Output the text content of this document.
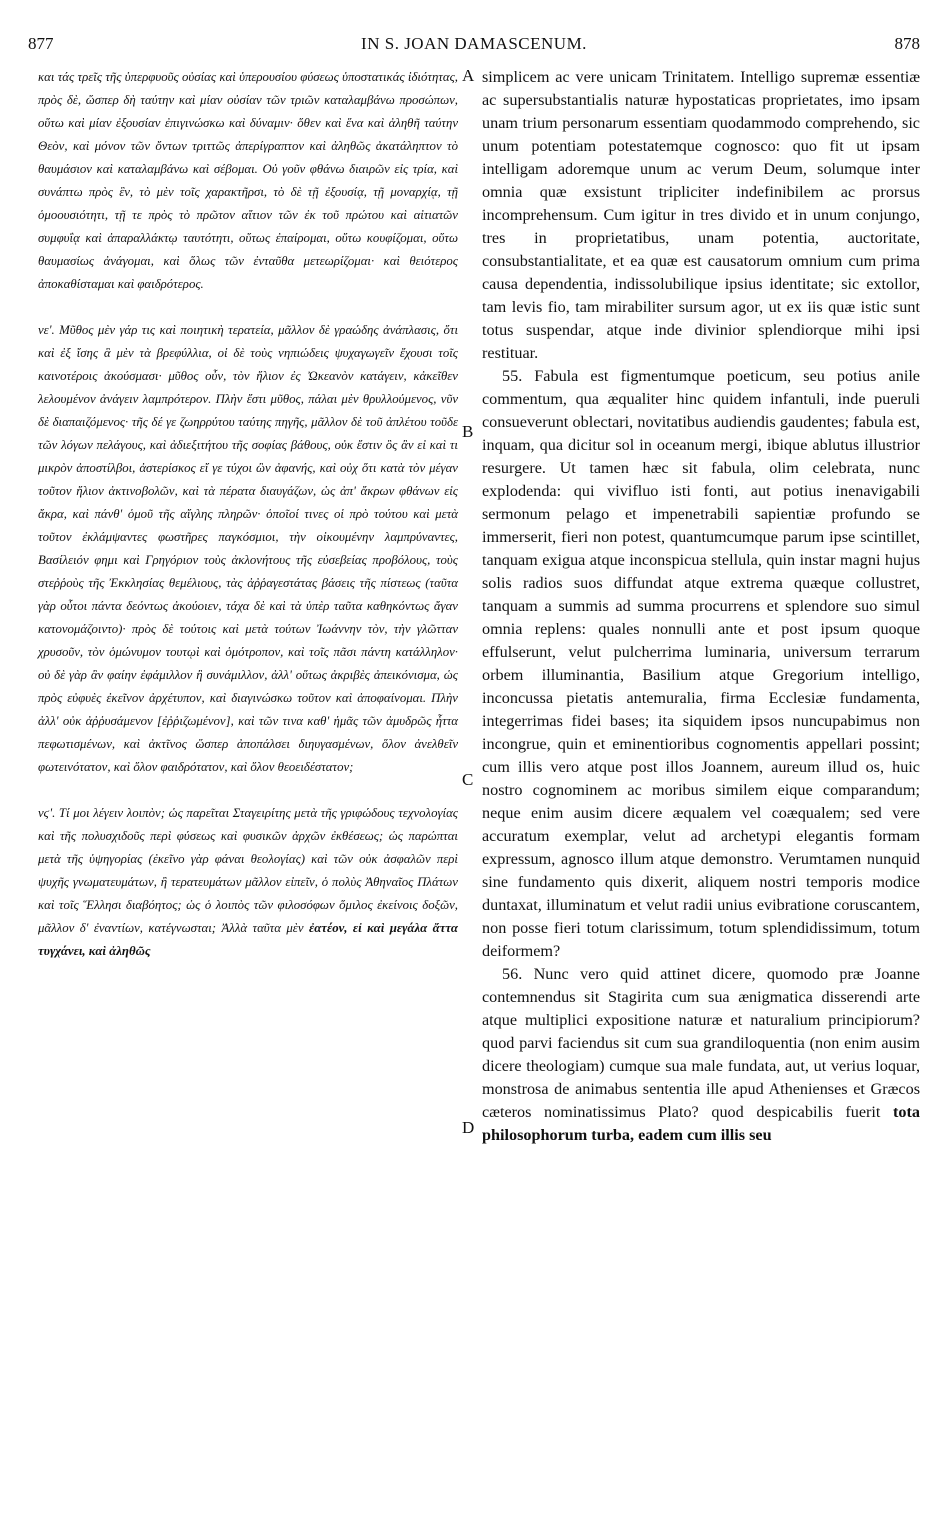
877	IN S. JOAN DAMASCENUM.	878

και τάς τρεῖς τῆς ὑπερφυοῦς οὐσίας καὶ ὑπερουσίου φύσεως ὑποστατικάς ἰδιότητας, πρὸς δὲ, ὥσπερ δὴ ταύτην καὶ μίαν οὐσίαν τῶν τριῶν καταλαμβάνω προσώπων, οὕτω καὶ μίαν ἐξουσίαν ἐπιγινώσκω καὶ δύναμιν· ὅθεν καὶ ἕνα καὶ ἀληθῆ ταύτην Θεὸν, καὶ μόνον τῶν ὄντων τριττῶς ἀπερίγραπτον καὶ ἀληθῶς ἀκατάληπτον τὸ θαυμάσιον καὶ καταλαμβάνω καὶ σέβομαι. Οὐ γοῦν φθάνω διαιρῶν εἰς τρία, καὶ συνάπτω πρὸς ἓν, τὸ μὲν τοῖς χαρακτῆρσι, τὸ δὲ τῇ ἐξουσίᾳ, τῇ μοναρχίᾳ, τῇ ὁμοουσιότητι, τῇ τε πρὸς τὸ πρῶτον αἴτιον τῶν ἐκ τοῦ πρώτου καὶ αἰτιατῶν συμφυΐᾳ καὶ ἀπαραλλάκτῳ ταυτότητι, οὕτως ἐπαίρομαι, οὕτω κουφίζομαι, οὕτω θαυμασίως ἀνάγομαι, καὶ ὅλως τῶν ἐνταῦθα μετεωρίζομαι· καὶ θειότερος ἀποκαθίσταμαι καὶ φαιδρότερος.

νε'. Μῦθος μὲν γάρ τις καὶ ποιητικὴ τερατεία, μᾶλλον δὲ γραώδης ἀνάπλασις, ὅτι καὶ ἐξ ἴσης ἃ μὲν τὰ βρεφύλλια, οἱ δὲ τοὺς νηπιώδεις ψυχαγωγεῖν ἔχουσι τοῖς καινοτέροις ἀκούσμασι· μῦθος οὖν, τὸν ἥλιον ἐς Ὠκεανὸν κατάγειν, κἀκεῖθεν λελουμένον ἀνάγειν λαμπρότερον. Πλὴν ἔστι μῦθος, πάλαι μὲν θρυλλούμενος, νῦν δὲ διαπαιζόμενος· τῆς δέ γε ζωηρρύτου ταύτης πηγῆς, μᾶλλον δὲ τοῦ ἀπλέτου τοῦδε τῶν λόγων πελάγους, καὶ ἀδιεξιτήτου τῆς σοφίας βάθους, οὐκ ἔστιν ὃς ἂν εἰ καὶ τι μικρὸν ἀποστίλβοι, ἀστερίσκος εἴ γε τύχοι ὢν ἀφανής, καὶ οὐχ ὅτι κατὰ τὸν μέγαν τοῦτον ἥλιον ἀκτινοβολῶν, καὶ τὰ πέρατα διαυγάζων, ὡς ἀπ' ἄκρων φθάνων εἰς ἄκρα, καὶ πάνθ' ὁμοῦ τῆς αἴγλης πληρῶν· ὁποῖοί τινες οἱ πρὸ τούτου καὶ μετὰ τοῦτον ἐκλάμψαντες φωστῆρες παγκόσμιοι, τὴν οἰκουμένην λαμπρύναντες, Βασίλειόν φημι καὶ Γρηγόριον τοὺς ἀκλονήτους τῆς εὐσεβείας προβόλους, τοὺς στεῤῥοὺς τῆς Ἐκκλησίας θεμέλιους, τὰς ἀῤῥαγεστάτας βάσεις τῆς πίστεως (ταῦτα γὰρ οὗτοι πάντα δεόντως ἀκούοιεν, τάχα δὲ καὶ τὰ ὑπὲρ ταῦτα καθηκόντως ἄγαν κατονομάζοιντο)· πρὸς δὲ τούτοις καὶ μετὰ τούτων Ἰωάννην τὸν, τὴν γλῶτταν χρυσοῦν, τὸν ὁμώνυμον τουτῳὶ καὶ ὁμότροπον, καὶ τοῖς πᾶσι πάντη κατάλληλον· οὐ δὲ γὰρ ἂν φαίην ἐφάμιλλον ἢ συνάμιλλον, ἀλλ' οὕτως ἀκριβὲς ἀπεικόνισμα, ὡς πρὸς εὐφυὲς ἐκεῖνον ἀρχέτυπον, καὶ διαγινώσκω τοῦτον καὶ ἀποφαίνομαι. Πλὴν ἀλλ' οὐκ ἀῤῥυσάμενον [ἐῤῥιζωμένον], καὶ τῶν τινα καθ' ἡμᾶς τῶν ἀμυδρῶς ἦττα πεφωτισμένων, καὶ ἀκτῖνος ὥσπερ ἀποπάλσει διηυγασμένων, ὅλον ἀνελθεῖν φωτεινότατον, καὶ ὅλον φαιδρότατον, καὶ ὅλον θεοειδέστατον;

νϛ'. Τί μοι λέγειν λοιπὸν; ὡς παρεῖται Σταγειρίτης μετὰ τῆς γριφώδους τεχνολογίας καὶ τῆς πολυσχιδοῦς περὶ φύσεως καὶ φυσικῶν ἀρχῶν ἐκθέσεως; ὡς παρώπται μετὰ τῆς ὑψηγορίας (ἐκεῖνο γὰρ φάναι θεολογίας) καὶ τῶν οὐκ ἀσφαλῶν περὶ ψυχῆς γνωματευμάτων, ἢ τερατευμάτων μᾶλλον εἰπεῖν, ὁ πολὺς Ἀθηναῖος Πλάτων καὶ τοῖς Ἕλλησι διαβόητος; ὡς ὁ λοιπὸς τῶν φιλοσόφων ὅμιλος ἐκείνοις δοξῶν, μᾶλλον δ' ἐναντίων, κατέγνωσται; Ἀλλὰ ταῦτα μὲν ἐατέον, εἰ καὶ μεγάλα ἄττα τυγχάνει, καὶ ἀληθῶς

simplicem ac vere unicam Trinitatem. Intelligo supremæ essentiæ ac supersubstantialis naturæ hypostaticas proprietates, imo ipsam unam trium personarum essentiam quodammodo comprehendo, sic unum potentiam potestatemque cognosco: quo fit ut ipsam intelligam adoremque unum ac verum Deum, solumque inter omnia quæ exsistunt tripliciter indefinibilem ac prorsus incomprehensum. Cum igitur in tres divido et in unum conjungo, tres in proprietatibus, unam potentia, auctoritate, consubstantialitate, et ea quæ est causatorum omnium cum prima causa dependentia, indissolubilique ipsius identitate; sic extollor, tam levis fio, tam mirabiliter sursum agor, ut ex iis quæ istic sunt totus suspendar, atque inde divinior splendiorque mihi ipsi restituar.

55. Fabula est figmentumque poeticum, seu potius anile commentum, qua æqualiter hinc quidem infantuli, inde pueruli consueverunt oblectari, novitatibus audiendis gaudentes; fabula est, inquam, qua dicitur sol in oceanum mergi, ibique ablutus illustrior resurgere. Ut tamen hæc sit fabula, olim celebrata, nunc explodenda: qui vivifluo isti fonti, aut potius inenavigabili sermonum pelago et impenetrabili sapientiæ profundo se immerserit, fieri non potest, quantumcumque parum ipse scintillet, tanquam exigua atque inconspicua stellula, quin instar magni hujus solis radios suos diffundat atque extrema quæque collustret, tanquam a summis ad summa procurrens et splendore suo simul omnia replens: quales nonnulli ante et post ipsum quoque effulserunt, velut pulcherrima luminaria, universum terrarum orbem illuminantia, Basilium atque Gregorium intelligo, inconcussa pietatis antemuralia, firma Ecclesiæ fundamenta, integerrimas fidei bases; ita siquidem ipsos nuncupabimus non incongrue, quin et eminentioribus cognomentis appellari possint; cum illis vero atque post illos Joannem, aureum illud os, huic nostro cognominem ac moribus similem eique comparandum; neque enim ausim dicere æqualem vel coæqualem; sed vere accuratum exemplar, velut ad archetypi elegantis formam expressum, agnosco illum atque demonstro. Verumtamen nunquid sine fundamento quis dixerit, aliquem nostri temporis modice duntaxat, illuminatum et velut radii unius evibratione coruscantem, non posse fieri totum clarissimum, totum splendidissimum, totum deiformem?

56. Nunc vero quid attinet dicere, quomodo præ Joanne contemnendus sit Stagirita cum sua ænigmatica disserendi arte atque multiplici expositione naturæ et naturalium principiorum? quod parvi faciendus sit cum sua grandiloquentia (non enim ausim dicere theologiam) cumque sua male fundata, aut, ut verius loquar, monstrosa de animabus sententia ille apud Athenienses et Græcos cæteros nominatissimus Plato? quod despicabilis fuerit tota philosophorum turba, eadem cum illis seu

A
B
C
D
